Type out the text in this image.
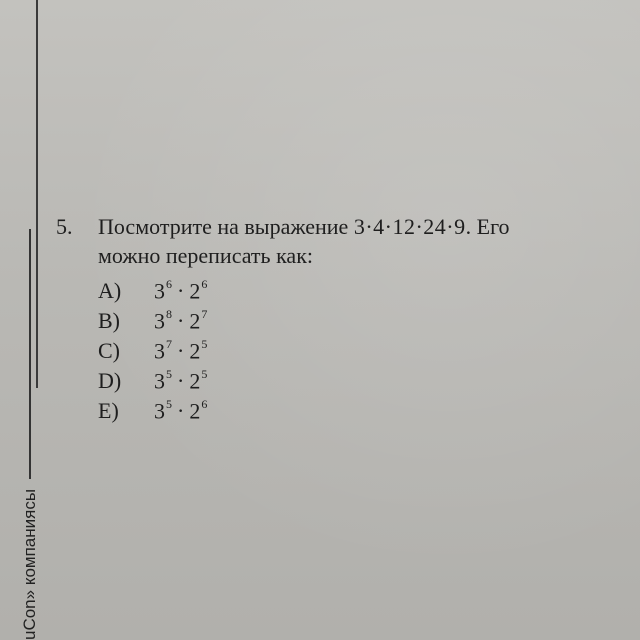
uCon» компаниясы
5. Посмотрите на выражение 3·4·12·24·9. Его
можно переписать как:
A)	$3^6 \cdot 2^6$
B)	$3^8 \cdot 2^7$
C)	$3^7 \cdot 2^5$
D)	$3^5 \cdot 2^5$
E)	$3^5 \cdot 2^6$
